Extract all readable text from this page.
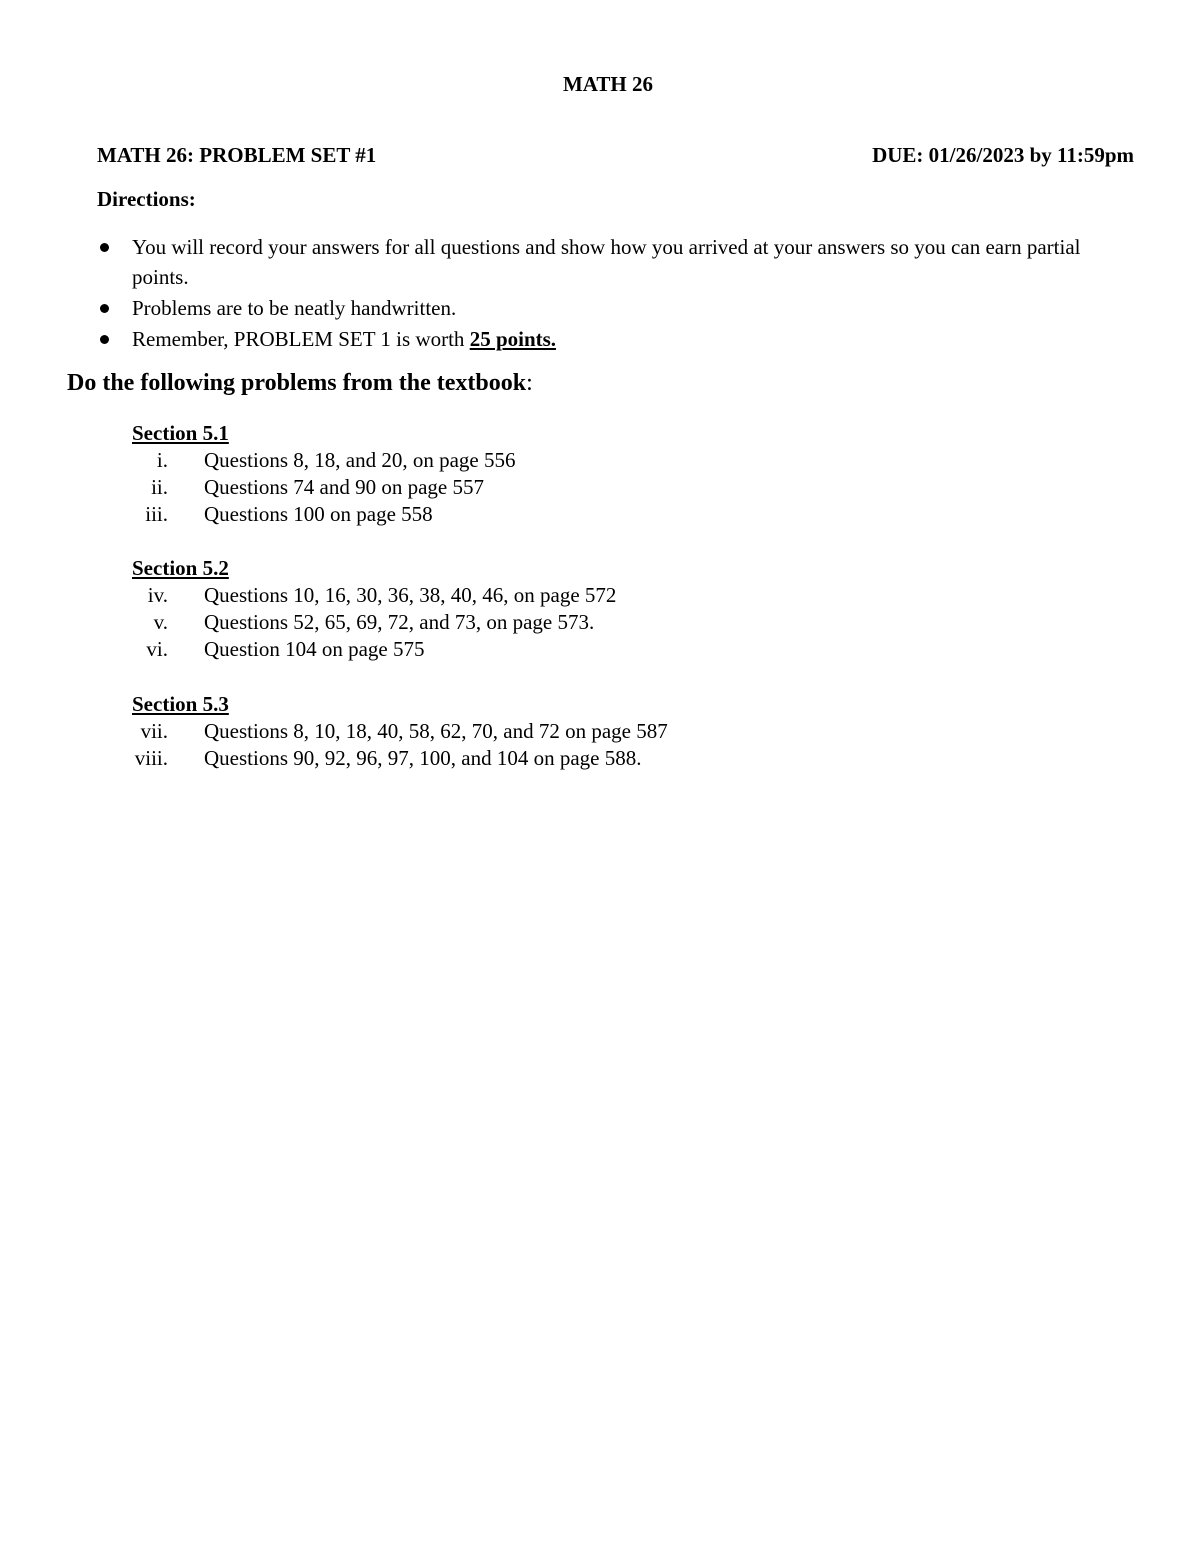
MATH 26
MATH 26: PROBLEM SET #1	DUE: 01/26/2023 by 11:59pm
Directions:
You will record your answers for all questions and show how you arrived at your answers so you can earn partial points.
Problems are to be neatly handwritten.
Remember, PROBLEM SET 1 is worth 25 points.
Do the following problems from the textbook:
Section 5.1
i. Questions 8, 18, and 20, on page 556
ii. Questions 74 and 90 on page 557
iii. Questions 100 on page 558
Section 5.2
iv. Questions 10, 16, 30, 36, 38, 40, 46, on page 572
v. Questions 52, 65, 69, 72, and 73, on page 573.
vi. Question 104 on page 575
Section 5.3
vii. Questions 8, 10, 18, 40, 58, 62, 70, and 72 on page 587
viii. Questions 90, 92, 96, 97, 100, and 104 on page 588.
